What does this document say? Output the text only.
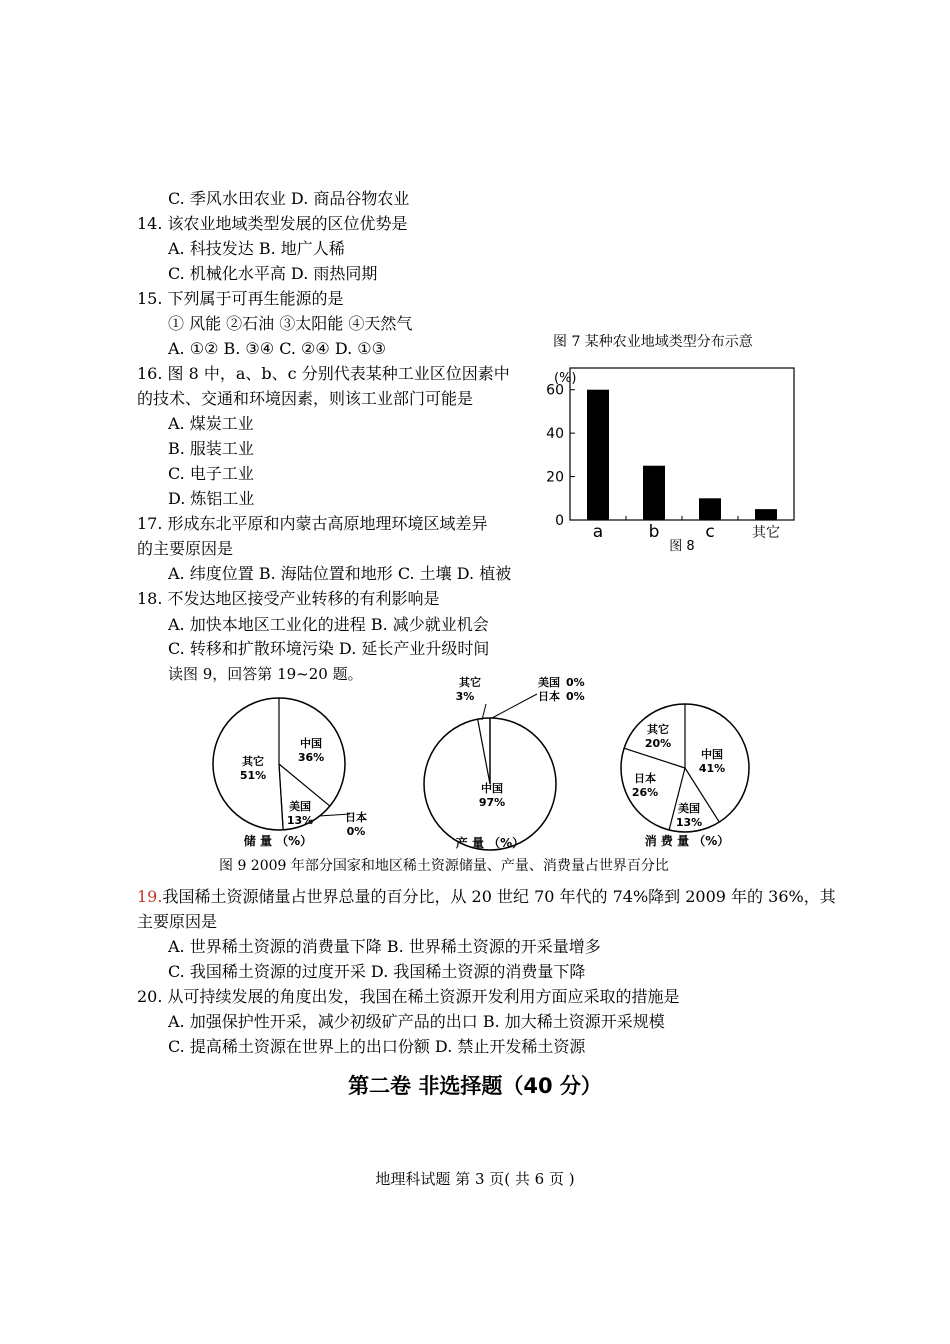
C. 季风水田农业 D. 商品谷物农业
14. 该农业地域类型发展的区位优势是
A. 科技发达 B. 地广人稀
C. 机械化水平高 D. 雨热同期
15. 下列属于可再生能源的是
① 风能 ②石油 ③太阳能 ④天然气
A. ①② B. ③④ C. ②④ D. ①③
16. 图 8 中，a、b、c 分别代表某种工业区位因素中
的技术、交通和环境因素，则该工业部门可能是
A. 煤炭工业
B. 服装工业
C. 电子工业
D. 炼铝工业
17. 形成东北平原和内蒙古高原地理环境区域差异
的主要原因是
A. 纬度位置 B. 海陆位置和地形 C. 土壤 D. 植被
18. 不发达地区接受产业转移的有利影响是
A. 加快本地区工业化的进程 B. 减少就业机会
C. 转移和扩散环境污染 D. 延长产业升级时间
读图 9，回答第 19~20 题。
19.我国稀土资源储量占世界总量的百分比，从 20 世纪 70 年代的 74%降到 2009 年的 36%，其
主要原因是
A. 世界稀土资源的消费量下降 B. 世界稀土资源的开采量增多
C. 我国稀土资源的过度开采 D. 我国稀土资源的消费量下降
20. 从可持续发展的角度出发，我国在稀土资源开发利用方面应采取的措施是
A. 加强保护性开采，减少初级矿产品的出口 B. 加大稀土资源开采规模
C. 提高稀土资源在世界上的出口份额 D. 禁止开发稀土资源
图 7 某种农业地域类型分布示意
(%)
0
20
40
60
a	b	c	其它
图 8
中国
36%
美国
13%	日本
0%
其它
51%
储 量 （%）
中国
97%
产 量 （%）
其它
3%
美国 0%
日本 0%
中国
41%
美国
13%
日本
26%
其它
20%
消 费 量 （%）
图 9 2009 年部分国家和地区稀土资源储量、产量、消费量占世界百分比
第二卷 非选择题（40 分）
地理科试题 第 3 页( 共 6 页 )
